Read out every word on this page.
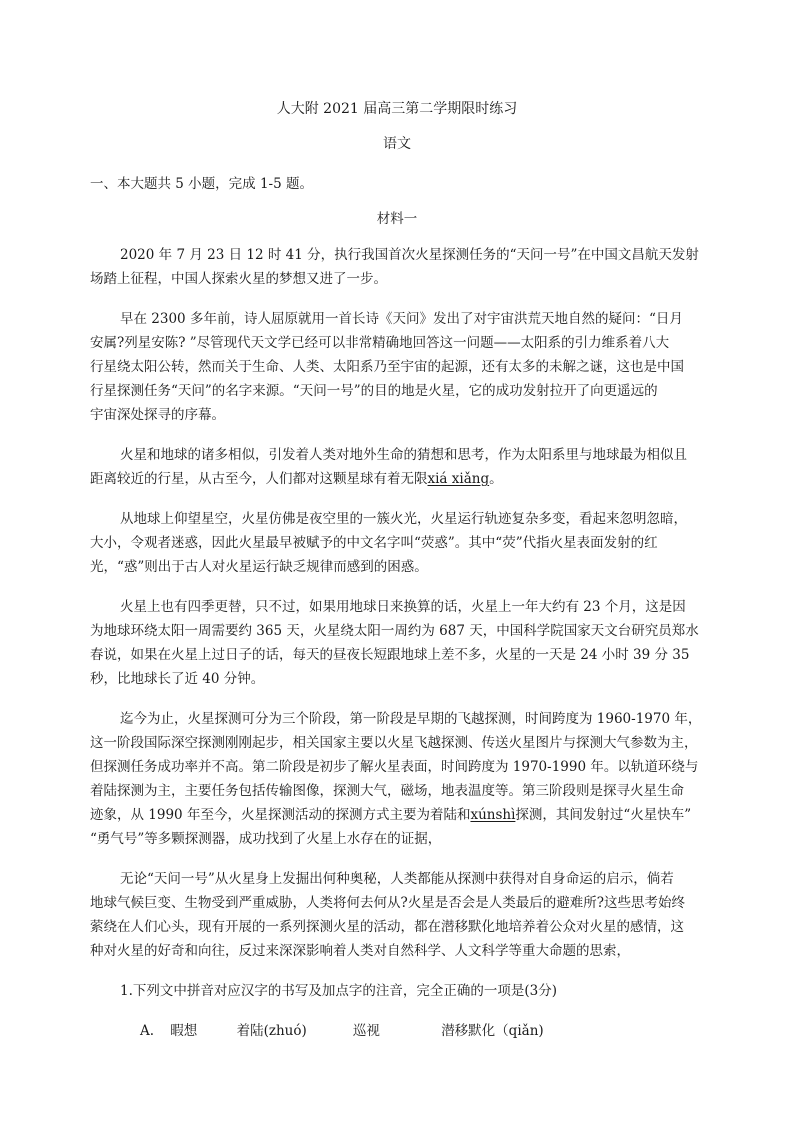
人大附 2021 届高三第二学期限时练习
语文
一、本大题共 5 小题，完成 1-5 题。
材料一
2020 年 7 月 23 日 12 时 41 分，执行我国首次火星探测任务的“天问一号”在中国文昌航天发射
场踏上征程，中国人探索火星的梦想又进了一步。
早在 2300 多年前，诗人屈原就用一首长诗《天问》发出了对宇宙洪荒天地自然的疑问：“日月
安属?列星安陈? ”尽管现代天文学已经可以非常精确地回答这一问题——太阳系的引力维系着八大
行星绕太阳公转，然而关于生命、人类、太阳系乃至宇宙的起源，还有太多的未解之谜，这也是中国
行星探测任务“天问”的名字来源。“天问一号”的目的地是火星，它的成功发射拉开了向更遥远的
宇宙深处探寻的序幕。
火星和地球的诸多相似，引发着人类对地外生命的猜想和思考，作为太阳系里与地球最为相似且
距离较近的行星，从古至今，人们都对这颗星球有着无限xiá xiǎng。
从地球上仰望星空，火星仿佛是夜空里的一簇火光，火星运行轨迹复杂多变，看起来忽明忽暗，
大小，令观者迷惑，因此火星最早被赋予的中文名字叫“荧惑”。其中“荧”代指火星表面发射的红
光，“惑”则出于古人对火星运行缺乏规律而感到的困惑。
火星上也有四季更替，只不过，如果用地球日来换算的话，火星上一年大约有 23 个月，这是因
为地球环绕太阳一周需要约 365 天，火星绕太阳一周约为 687 天，中国科学院国家天文台研究员郑水
春说，如果在火星上过日子的话，每天的昼夜长短跟地球上差不多，火星的一天是 24 小时 39 分 35
秒，比地球长了近 40 分钟。
迄今为止，火星探测可分为三个阶段，第一阶段是早期的飞越探测，时间跨度为 1960-1970 年，
这一阶段国际深空探测刚刚起步，相关国家主要以火星飞越探测、传送火星图片与探测大气参数为主，
但探测任务成功率并不高。第二阶段是初步了解火星表面，时间跨度为 1970-1990 年。以轨道环绕与
着陆探测为主，主要任务包括传输图像，探测大气，磁场，地表温度等。第三阶段则是探寻火星生命
迹象，从 1990 年至今，火星探测活动的探测方式主要为着陆和xúnshì探测，其间发射过“火星快车”
“勇气号”等多颗探测器，成功找到了火星上水存在的证据，
无论“天问一号”从火星身上发掘出何种奥秘，人类都能从探测中获得对自身命运的启示，倘若
地球气候巨变、生物受到严重威胁，人类将何去何从?火星是否会是人类最后的避难所?这些思考始终
萦绕在人们心头，现有开展的一系列探测火星的活动，都在潜移默化地培养着公众对火星的感情，这
种对火星的好奇和向往，反过来深深影响着人类对自然科学、人文科学等重大命题的思索，
1.下列文中拼音对应汉字的书写及加点字的注音，完全正确的一项是(3分)
A. 暇想	着陆(zhuó)	巡视	潜移默化（qiǎn)
